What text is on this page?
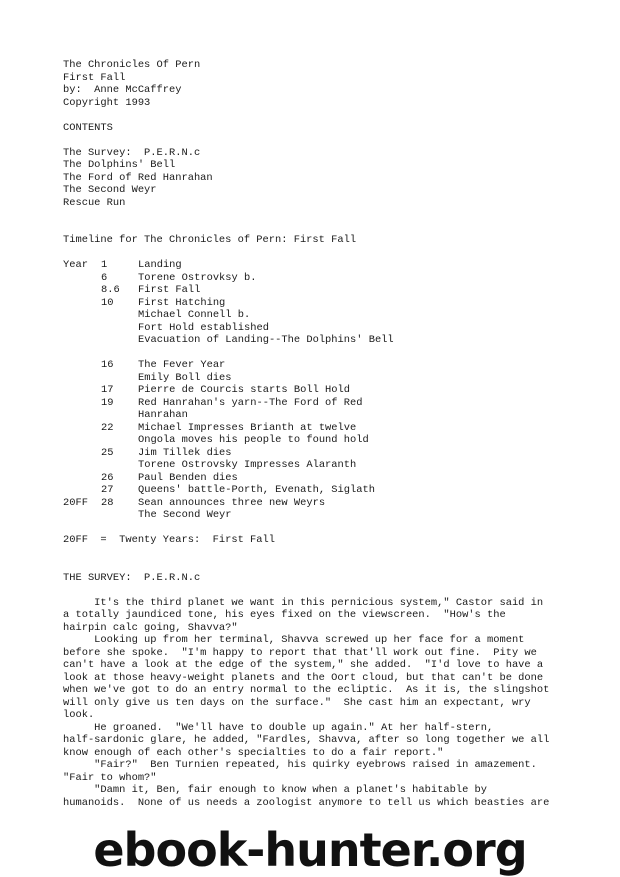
The Chronicles Of Pern
First Fall
by:  Anne McCaffrey
Copyright 1993
CONTENTS
The Survey:  P.E.R.N.c
The Dolphins' Bell
The Ford of Red Hanrahan
The Second Weyr
Rescue Run
Timeline for The Chronicles of Pern: First Fall
Year	1	Landing
6	Torene Ostrovksy b.
8.6	First Fall
10	First Hatching
Michael Connell b.
Fort Hold established
Evacuation of Landing--The Dolphins' Bell
16	The Fever Year
Emily Boll dies
17	Pierre de Courcis starts Boll Hold
19	Red Hanrahan's yarn--The Ford of Red
Hanrahan
22	Michael Impresses Brianth at twelve
Ongola moves his people to found hold
25	Jim Tillek dies
Torene Ostrovsky Impresses Alaranth
26	Paul Benden dies
27	Queens' battle-Porth, Evenath, Siglath
20FF	28	Sean announces three new Weyrs
The Second Weyr
20FF  =  Twenty Years:  First Fall
THE SURVEY:  P.E.R.N.c
It's the third planet we want in this pernicious system," Castor said in
a totally jaundiced tone, his eyes fixed on the viewscreen.  "How's the
hairpin calc going, Shavva?"
Looking up from her terminal, Shavva screwed up her face for a moment
before she spoke.  "I'm happy to report that that'll work out fine.  Pity we
can't have a look at the edge of the system," she added.  "I'd love to have a
look at those heavy-weight planets and the Oort cloud, but that can't be done
when we've got to do an entry normal to the ecliptic.  As it is, the slingshot
will only give us ten days on the surface."  She cast him an expectant, wry
look.
He groaned.  "We'll have to double up again." At her half-stern,
half-sardonic glare, he added, "Fardles, Shavva, after so long together we all
know enough of each other's specialties to do a fair report."
"Fair?"  Ben Turnien repeated, his quirky eyebrows raised in amazement.
"Fair to whom?"
"Damn it, Ben, fair enough to know when a planet's habitable by
humanoids.  None of us needs a zoologist anymore to tell us which beasties are
ebook-hunter.org
